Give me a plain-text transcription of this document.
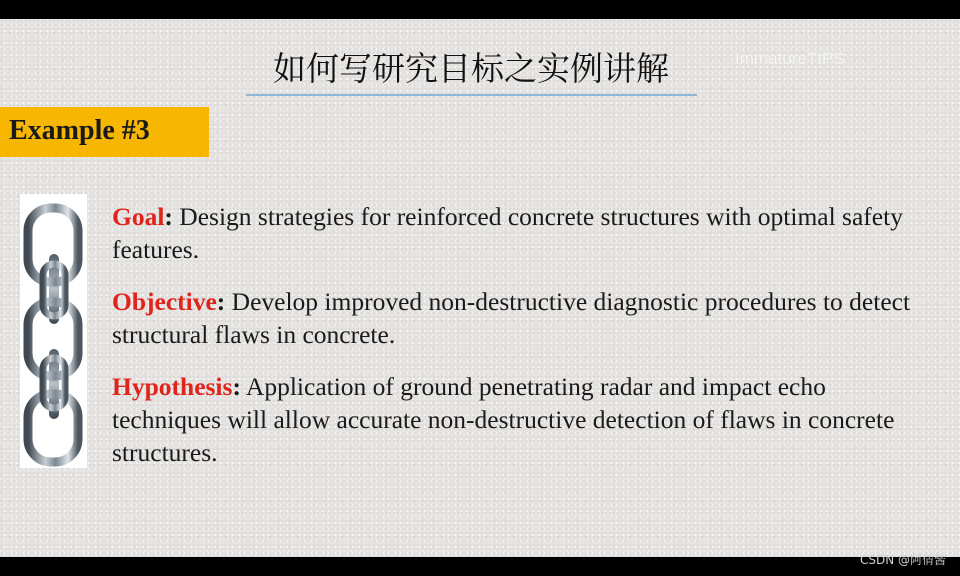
如何写研究目标之实例讲解	ImmatureTIPS
Example #3

Goal: Design strategies for reinforced concrete structures with optimal safety features.

Objective: Develop improved non-destructive diagnostic procedures to detect structural flaws in concrete.

Hypothesis: Application of ground penetrating radar and impact echo techniques will allow accurate non-destructive detection of flaws in concrete structures.

CSDN @阿倩酱
